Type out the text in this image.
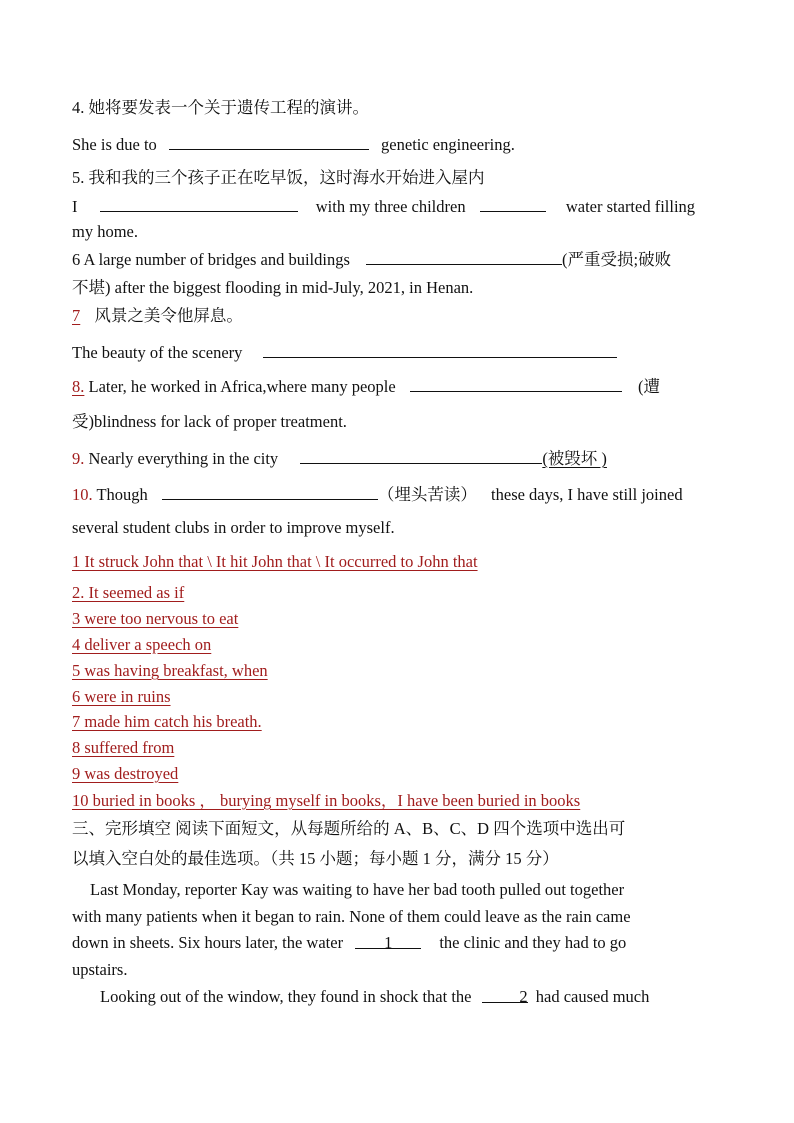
4. 她将要发表一个关于遗传工程的演讲。
She is due to	genetic engineering.
5. 我和我的三个孩子正在吃早饭，这时海水开始进入屋内
I	with my three children	water started filling
my home.
6 A large number of bridges and buildings	(严重受损;破败
不堪) after the biggest flooding in mid-July, 2021, in Henan.
7 风景之美令他屏息。
The beauty of the scenery
8. Later, he worked in Africa,where many people	(遭
受)blindness for lack of proper treatment.
9. Nearly everything in the city	(被毁坏 )
10. Though	（埋头苦读） these days, I have still joined
several student clubs in order to improve myself.
1 It struck John that \ It hit John that \ It occurred to John that
2. It seemed as if
3 were too nervous to eat
4 deliver a speech on
5 was having breakfast, when
6 were in ruins
7 made him catch his breath.
8 suffered from
9 was destroyed
10 buried in books ， burying myself in books，I have been buried in books
三、完形填空 阅读下面短文，从每题所给的 A、B、C、D 四个选项中选出可
以填入空白处的最佳选项。（共 15 小题；每小题 1 分，满分 15 分）
Last Monday, reporter Kay was waiting to have her bad tooth pulled out together
with many patients when it began to rain. None of them could leave as the rain came
down in sheets. Six hours later, the water 1	the clinic and they had to go
upstairs.
Looking out of the window, they found in shock that the	2 had caused much
